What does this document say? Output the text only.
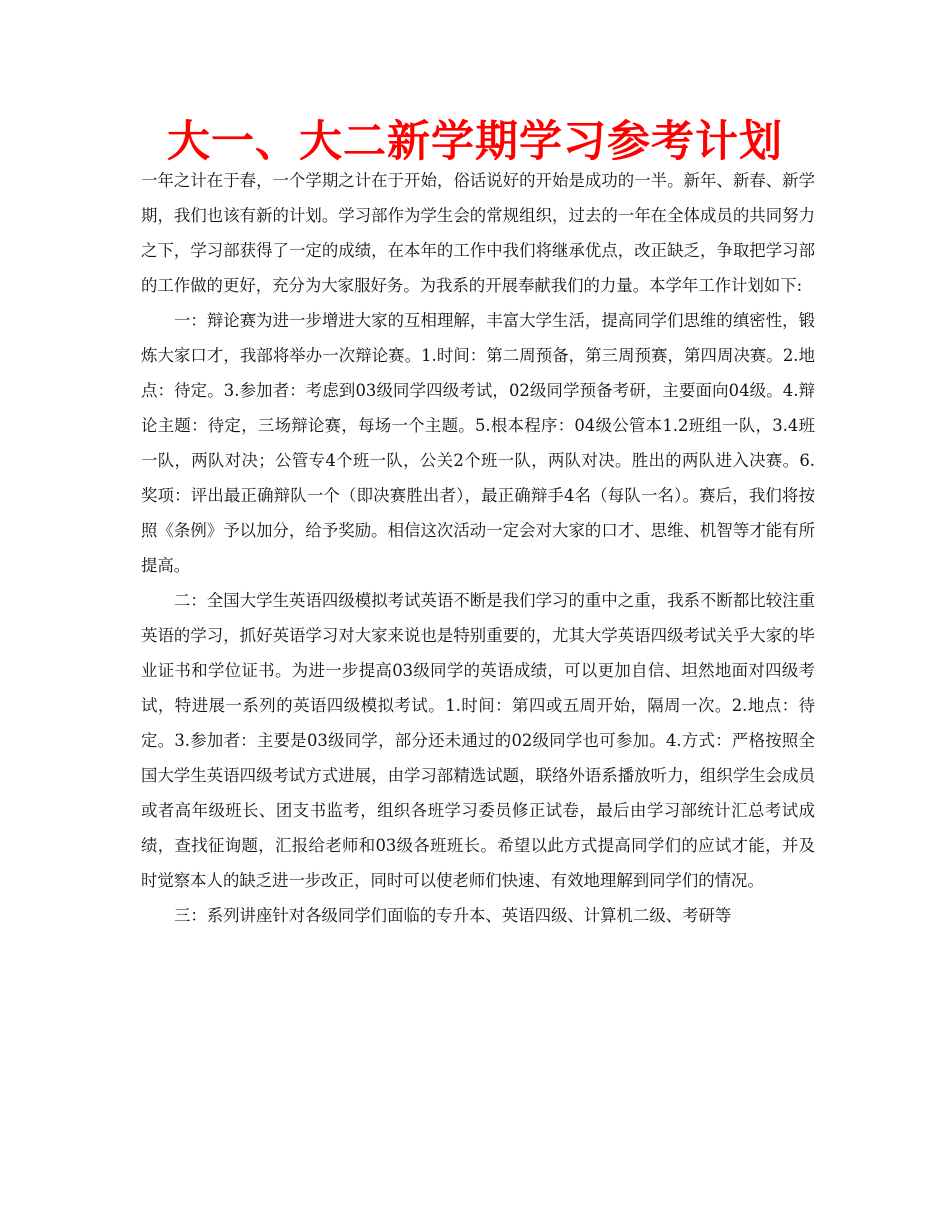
大一、大二新学期学习参考计划

一年之计在于春，一个学期之计在于开始，俗话说好的开始是成功的一半。新年、新春、新学期，我们也该有新的计划。学习部作为学生会的常规组织，过去的一年在全体成员的共同努力之下，学习部获得了一定的成绩，在本年的工作中我们将继承优点，改正缺乏，争取把学习部的工作做的更好，充分为大家服好务。为我系的开展奉献我们的力量。本学年工作计划如下:

一：辩论赛为进一步增进大家的互相理解，丰富大学生活，提高同学们思维的缜密性，锻炼大家口才，我部将举办一次辩论赛。1.时间：第二周预备，第三周预赛，第四周决赛。2.地点：待定。3.参加者：考虑到03级同学四级考试，02级同学预备考研，主要面向04级。4.辩论主题：待定，三场辩论赛，每场一个主题。5.根本程序：04级公管本1.2班组一队，3.4班一队，两队对决；公管专4个班一队，公关2个班一队，两队对决。胜出的两队进入决赛。6.奖项：评出最正确辩队一个（即决赛胜出者），最正确辩手4名（每队一名）。赛后，我们将按照《条例》予以加分，给予奖励。相信这次活动一定会对大家的口才、思维、机智等才能有所提高。

二：全国大学生英语四级模拟考试英语不断是我们学习的重中之重，我系不断都比较注重英语的学习，抓好英语学习对大家来说也是特别重要的，尤其大学英语四级考试关乎大家的毕业证书和学位证书。为进一步提高03级同学的英语成绩，可以更加自信、坦然地面对四级考试，特进展一系列的英语四级模拟考试。1.时间：第四或五周开始，隔周一次。2.地点：待定。3.参加者：主要是03级同学，部分还未通过的02级同学也可参加。4.方式：严格按照全国大学生英语四级考试方式进展，由学习部精选试题，联络外语系播放听力，组织学生会成员或者高年级班长、团支书监考，组织各班学习委员修正试卷，最后由学习部统计汇总考试成绩，查找征询题，汇报给老师和03级各班班长。希望以此方式提高同学们的应试才能，并及时觉察本人的缺乏进一步改正，同时可以使老师们快速、有效地理解到同学们的情况。

三：系列讲座针对各级同学们面临的专升本、英语四级、计算机二级、考研等
